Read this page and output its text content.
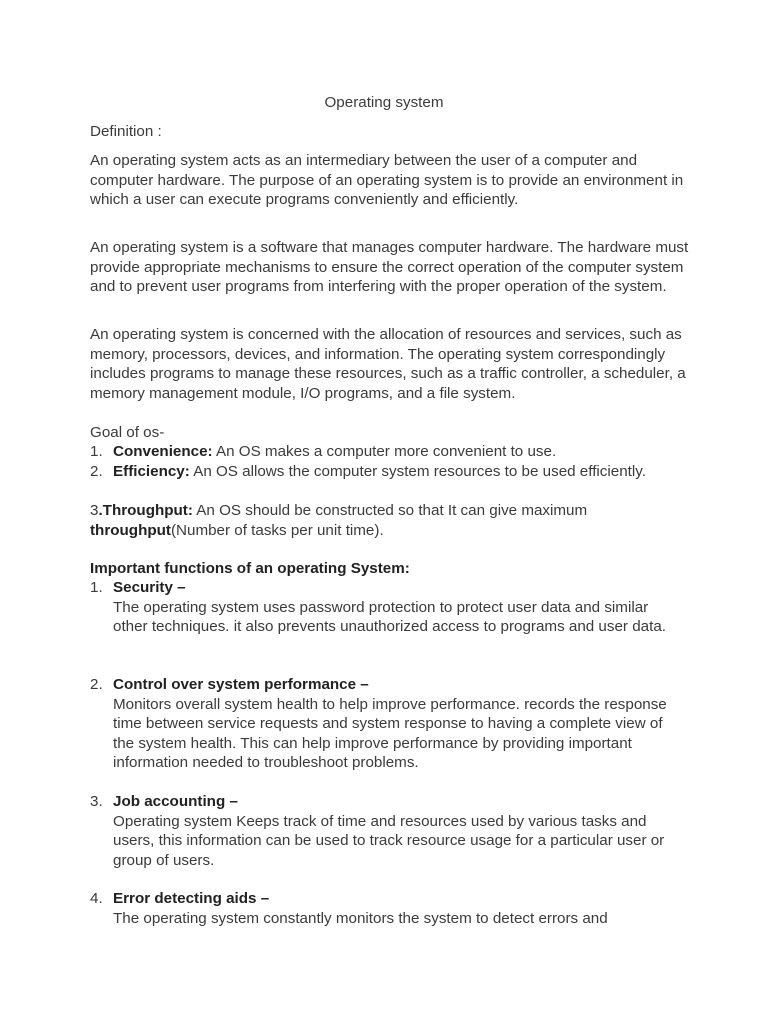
Operating system
Definition :

An operating system acts as an intermediary between the user of a computer and computer hardware. The purpose of an operating system is to provide an environment in which a user can execute programs conveniently and efficiently.

An operating system is a software that manages computer hardware. The hardware must provide appropriate mechanisms to ensure the correct operation of the computer system and to prevent user programs from interfering with the proper operation of the system.

An operating system is concerned with the allocation of resources and services, such as memory, processors, devices, and information. The operating system correspondingly includes programs to manage these resources, such as a traffic controller, a scheduler, a memory management module, I/O programs, and a file system.

Goal of os-
1. Convenience: An OS makes a computer more convenient to use.
2. Efficiency: An OS allows the computer system resources to be used efficiently.
3.Throughput: An OS should be constructed so that It can give maximum throughput(Number of tasks per unit time).
Important functions of an operating System:
1. Security –
The operating system uses password protection to protect user data and similar other techniques. it also prevents unauthorized access to programs and user data.
2. Control over system performance –
Monitors overall system health to help improve performance. records the response time between service requests and system response to having a complete view of the system health. This can help improve performance by providing important information needed to troubleshoot problems.
3. Job accounting –
Operating system Keeps track of time and resources used by various tasks and users, this information can be used to track resource usage for a particular user or group of users.
4. Error detecting aids –
The operating system constantly monitors the system to detect errors and
